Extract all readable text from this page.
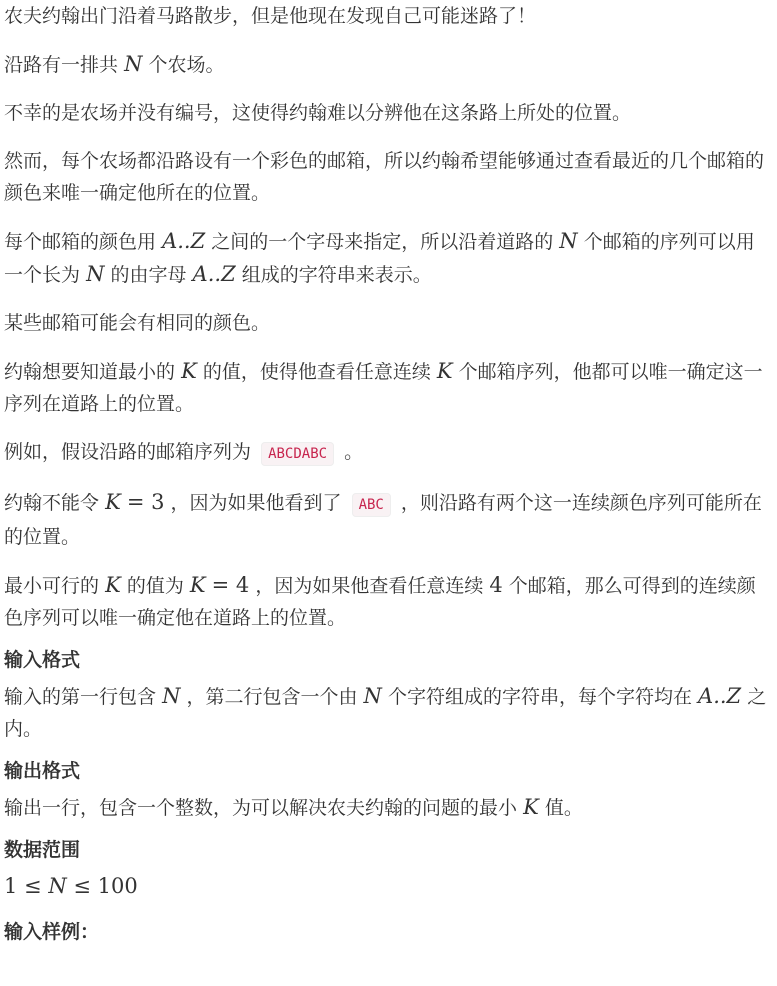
农夫约翰出门沿着马路散步，但是他现在发现自己可能迷路了！

沿路有一排共 N 个农场。

不幸的是农场并没有编号，这使得约翰难以分辨他在这条路上所处的位置。

然而，每个农场都沿路设有一个彩色的邮箱，所以约翰希望能够通过查看最近的几个邮箱的颜色来唯一确定他所在的位置。

每个邮箱的颜色用 A..Z 之间的一个字母来指定，所以沿着道路的 N 个邮箱的序列可以用一个长为 N 的由字母 A..Z 组成的字符串来表示。

某些邮箱可能会有相同的颜色。

约翰想要知道最小的 K 的值，使得他查看任意连续 K 个邮箱序列，他都可以唯一确定这一序列在道路上的位置。

例如，假设沿路的邮箱序列为 ABCDABC 。

约翰不能令 K = 3 ，因为如果他看到了 ABC ，则沿路有两个这一连续颜色序列可能所在的位置。

最小可行的 K 的值为 K = 4 ，因为如果他查看任意连续 4 个邮箱，那么可得到的连续颜色序列可以唯一确定他在道路上的位置。

输入格式

输入的第一行包含 N ，第二行包含一个由 N 个字符组成的字符串，每个字符均在 A..Z 之内。

输出格式

输出一行，包含一个整数，为可以解决农夫约翰的问题的最小 K 值。

数据范围
1 ≤ N ≤ 100
输入样例：
